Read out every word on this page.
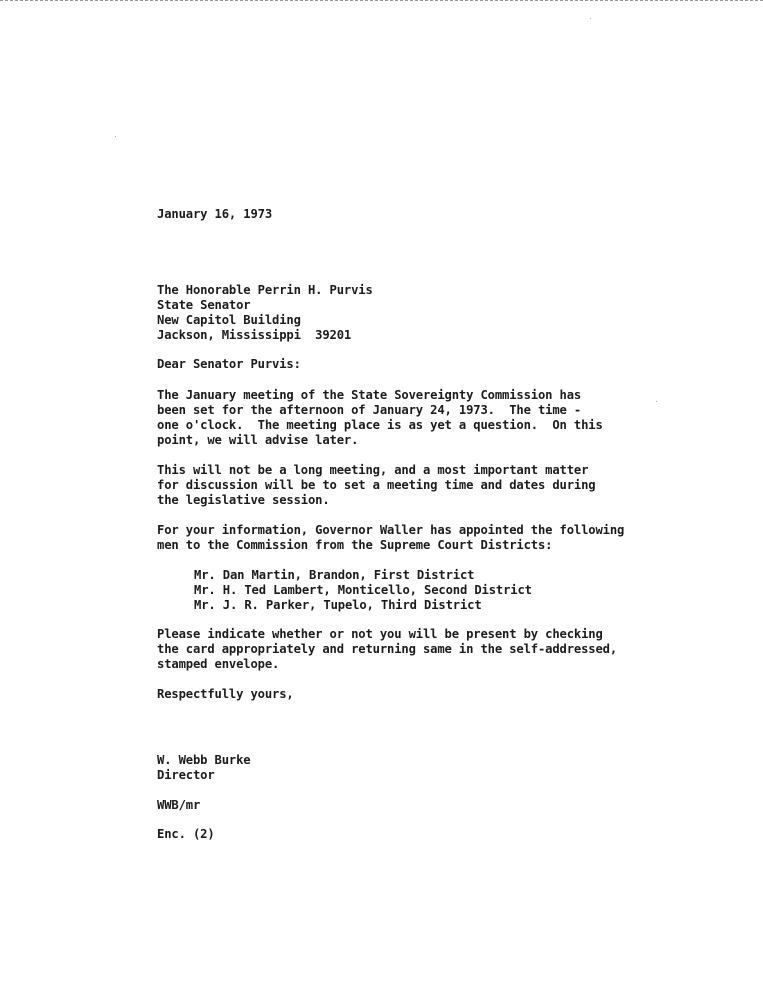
January 16, 1973
The Honorable Perrin H. Purvis
State Senator
New Capitol Building
Jackson, Mississippi  39201
Dear Senator Purvis:
The January meeting of the State Sovereignty Commission has
been set for the afternoon of January 24, 1973.  The time -
one o'clock.  The meeting place is as yet a question.  On this
point, we will advise later.
This will not be a long meeting, and a most important matter
for discussion will be to set a meeting time and dates during
the legislative session.
For your information, Governor Waller has appointed the following
men to the Commission from the Supreme Court Districts:
Mr. Dan Martin, Brandon, First District
Mr. H. Ted Lambert, Monticello, Second District
Mr. J. R. Parker, Tupelo, Third District
Please indicate whether or not you will be present by checking
the card appropriately and returning same in the self-addressed,
stamped envelope.
Respectfully yours,
W. Webb Burke
Director
WWB/mr
Enc. (2)
